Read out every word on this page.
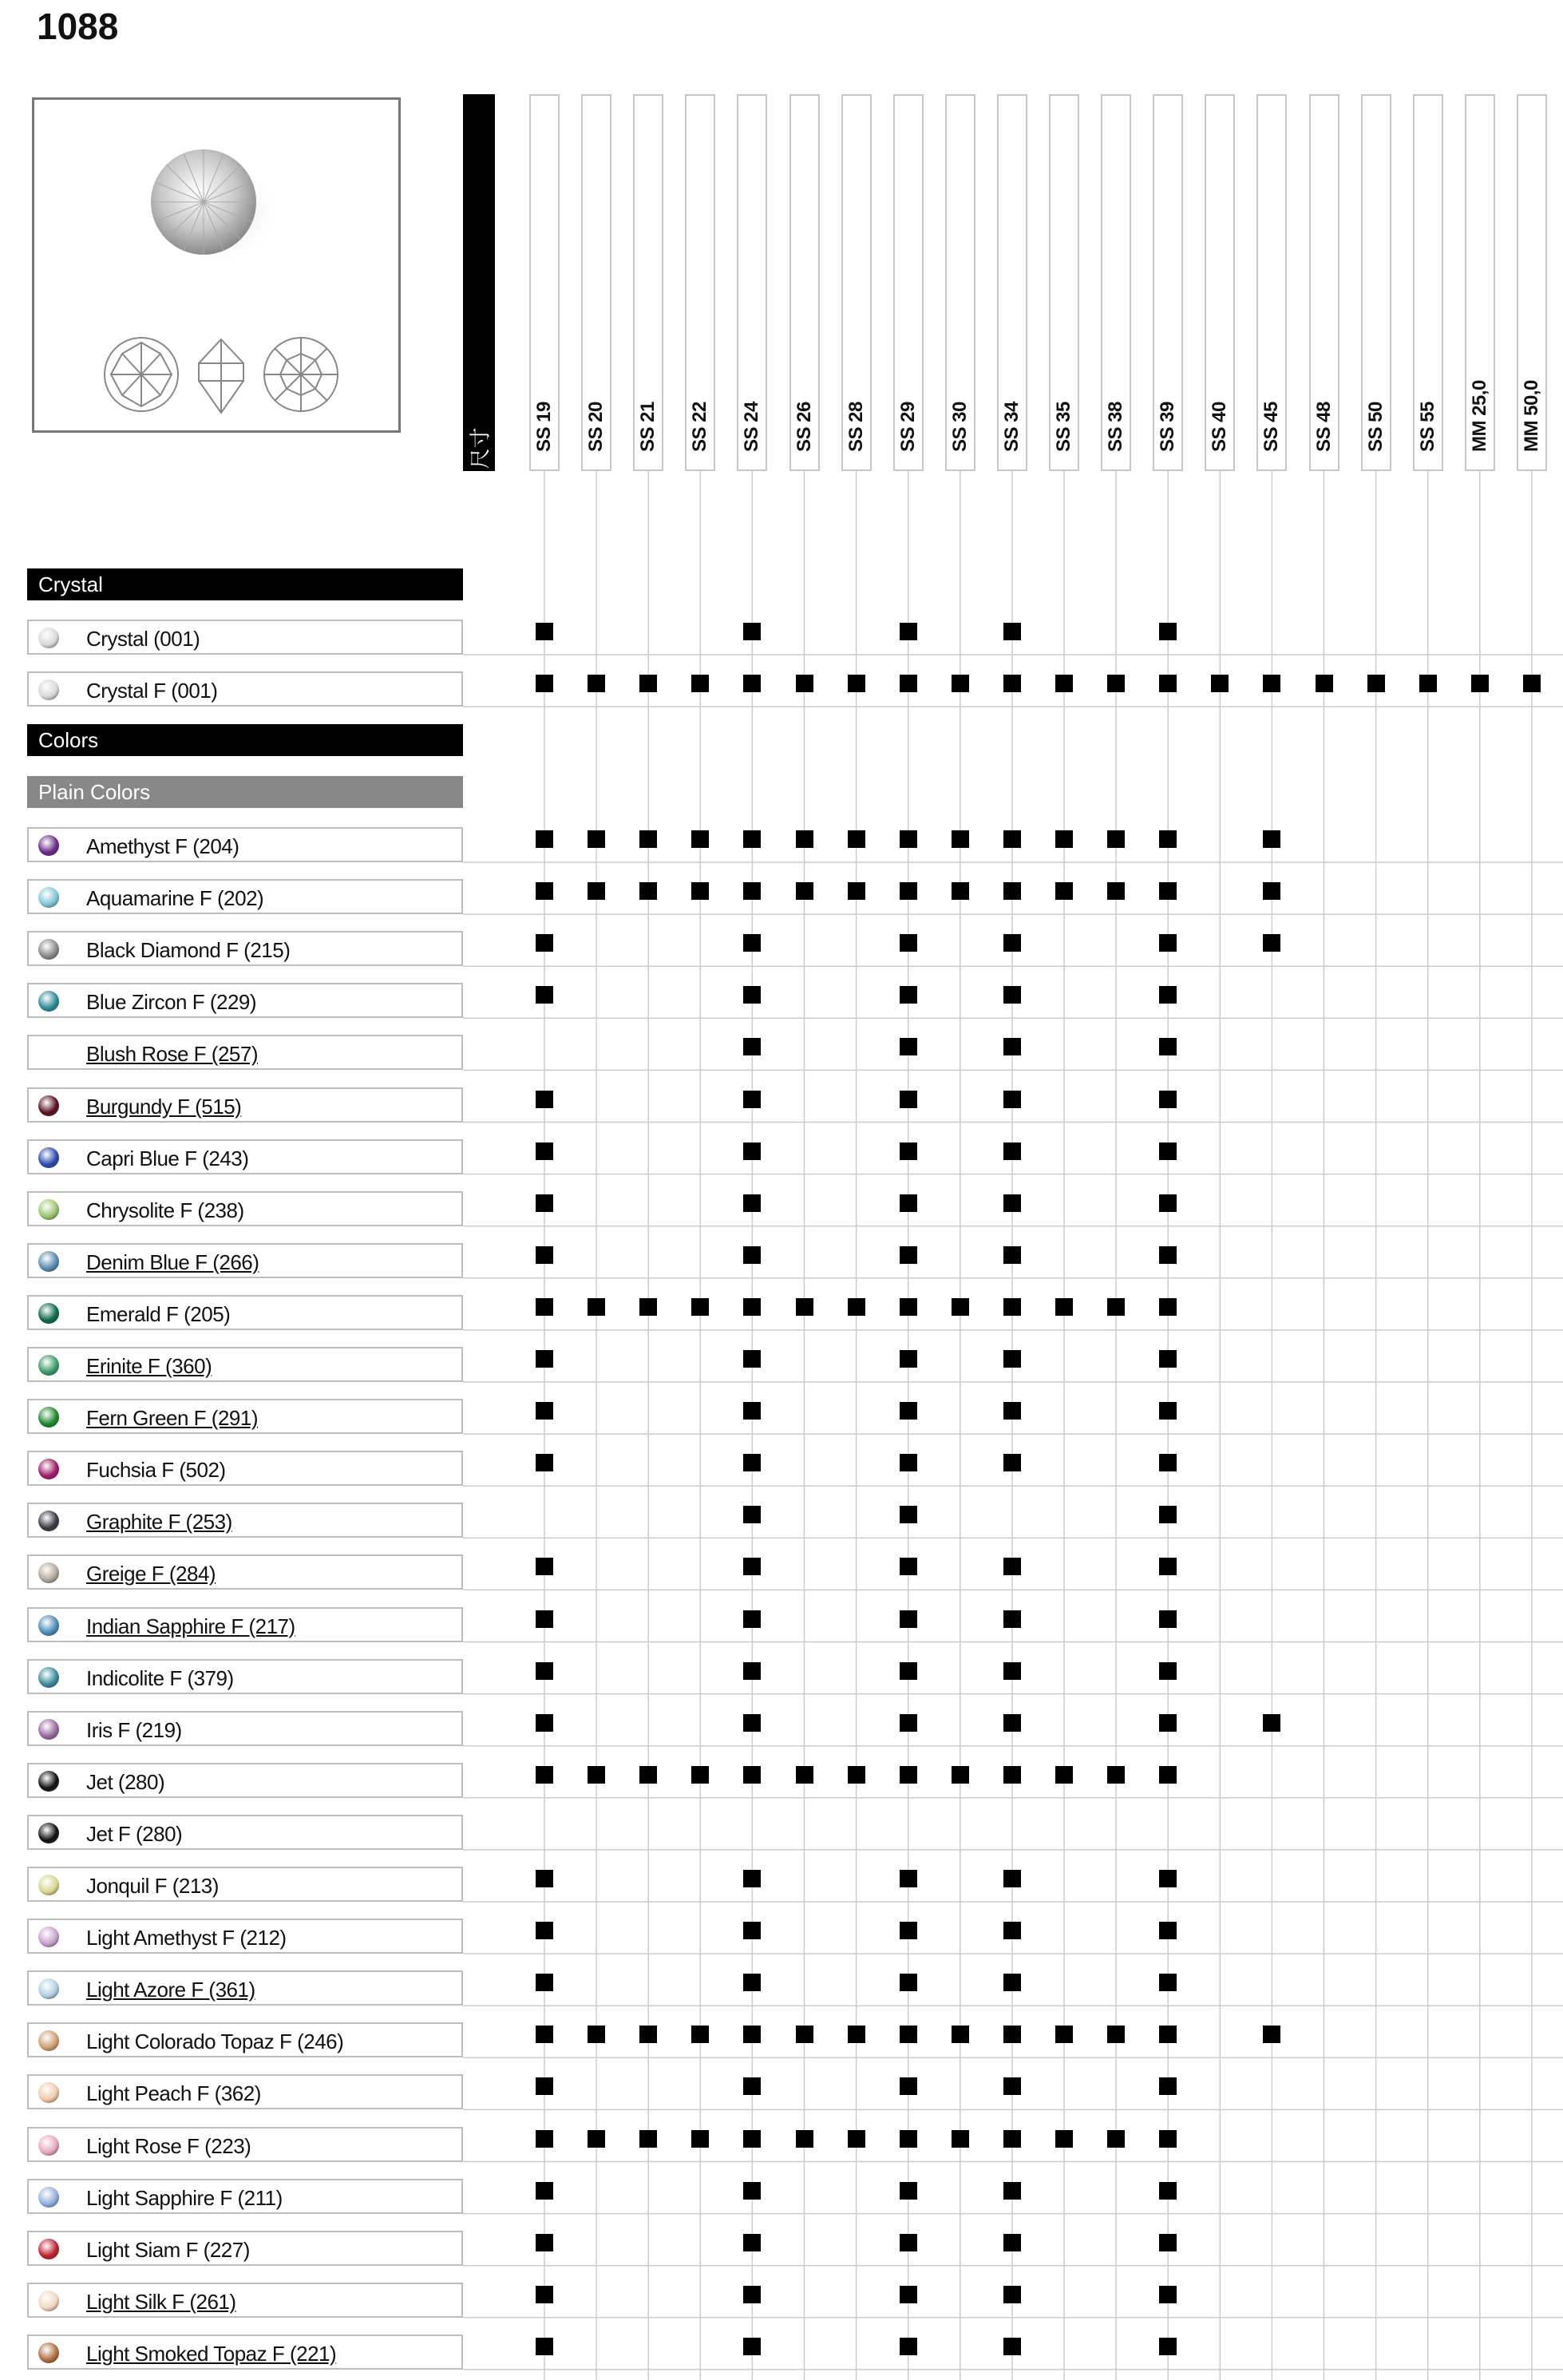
1088
尺寸 SS 19 SS 20 SS 21 SS 22 SS 24 SS 26 SS 28 SS 29 SS 30 SS 34 SS 35 SS 38 SS 39 SS 40 SS 45 SS 48 SS 50 SS 55 MM 25,0 MM 50,0
Crystal
Crystal (001)
Crystal F (001)
Colors
Plain Colors
Amethyst F (204)
Aquamarine F (202)
Black Diamond F (215)
Blue Zircon F (229)
Blush Rose F (257)
Burgundy F (515)
Capri Blue F (243)
Chrysolite F (238)
Denim Blue F (266)
Emerald F (205)
Erinite F (360)
Fern Green F (291)
Fuchsia F (502)
Graphite F (253)
Greige F (284)
Indian Sapphire F (217)
Indicolite F (379)
Iris F (219)
Jet (280)
Jet F (280)
Jonquil F (213)
Light Amethyst F (212)
Light Azore F (361)
Light Colorado Topaz F (246)
Light Peach F (362)
Light Rose F (223)
Light Sapphire F (211)
Light Siam F (227)
Light Silk F (261)
Light Smoked Topaz F (221)
